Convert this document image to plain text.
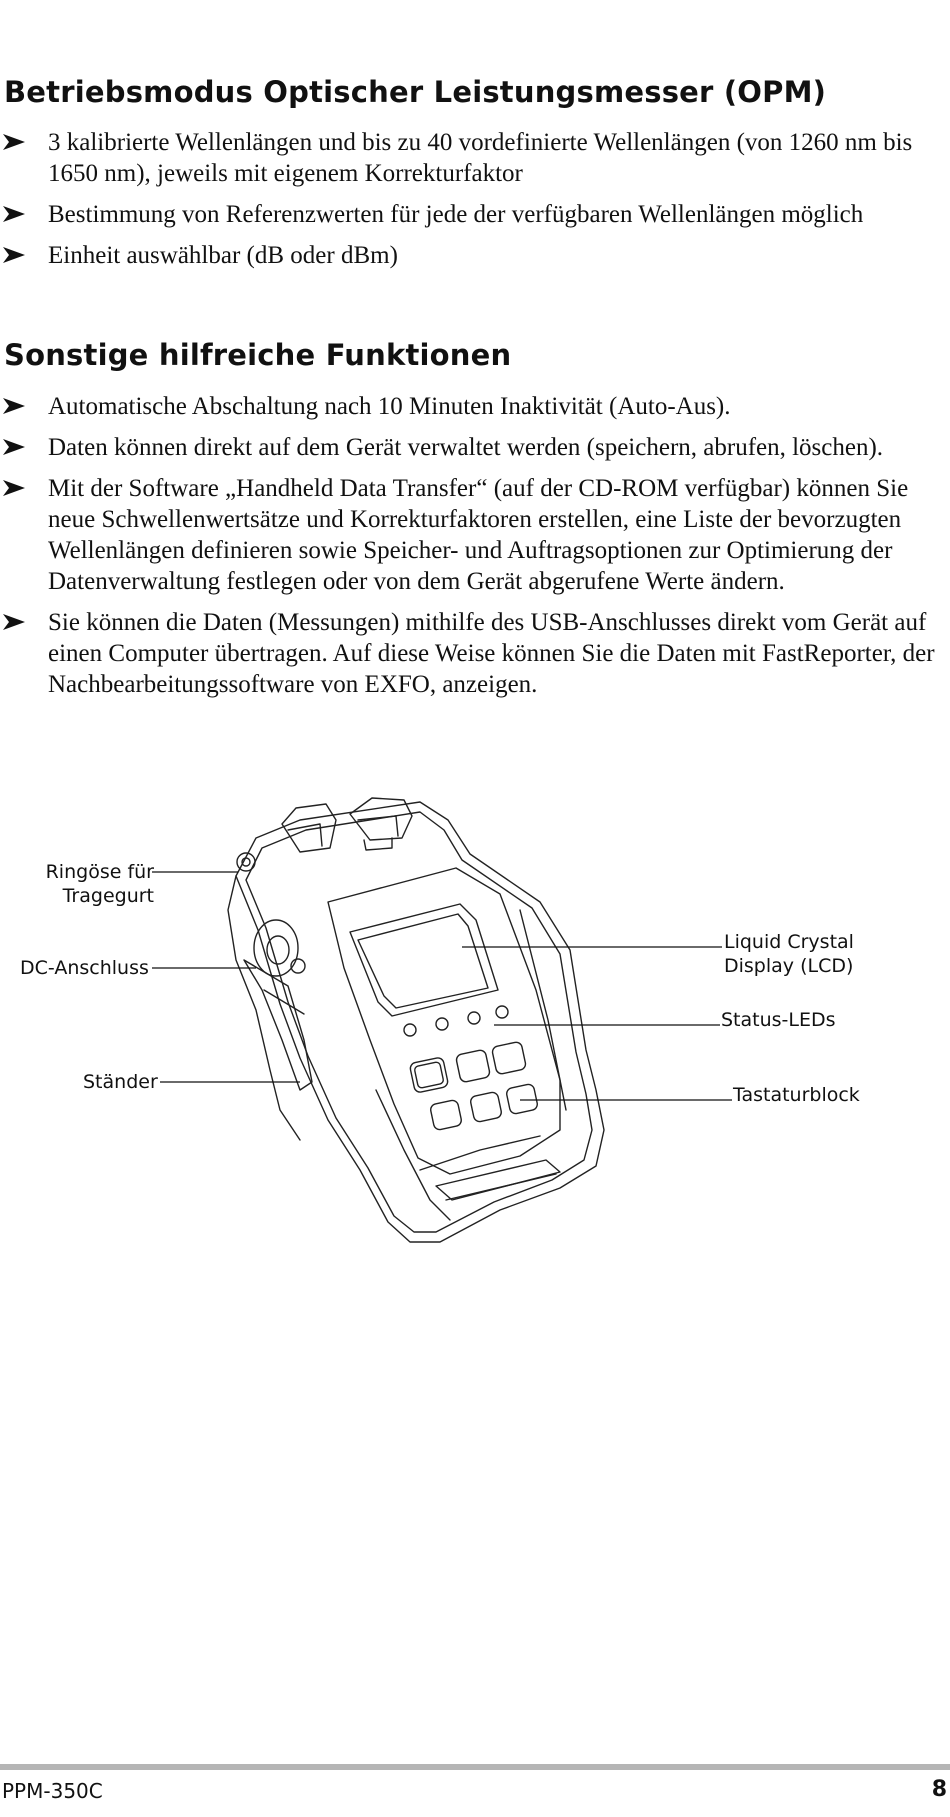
Betriebsmodus Optischer Leistungsmesser (OPM)
3 kalibrierte Wellenlängen und bis zu 40 vordefinierte Wellenlängen (von 1260 nm bis 1650 nm), jeweils mit eigenem Korrekturfaktor
Bestimmung von Referenzwerten für jede der verfügbaren Wellenlängen möglich
Einheit auswählbar (dB oder dBm)
Sonstige hilfreiche Funktionen
Automatische Abschaltung nach 10 Minuten Inaktivität (Auto-Aus).
Daten können direkt auf dem Gerät verwaltet werden (speichern, abrufen, löschen).
Mit der Software „Handheld Data Transfer“ (auf der CD-ROM verfügbar) können Sie neue Schwellenwertsätze und Korrekturfaktoren erstellen, eine Liste der bevorzugten Wellenlängen definieren sowie Speicher- und Auftragsoptionen zur Optimierung der Datenverwaltung festlegen oder von dem Gerät abgerufene Werte ändern.
Sie können die Daten (Messungen) mithilfe des USB-Anschlusses direkt vom Gerät auf einen Computer übertragen. Auf diese Weise können Sie die Daten mit FastReporter, der Nachbearbeitungssoftware von EXFO, anzeigen.
Ringöse für
Tragegurt
DC-Anschluss
Ständer
Liquid Crystal
Display (LCD)
Status-LEDs
Tastaturblock
PPM-350C	8
